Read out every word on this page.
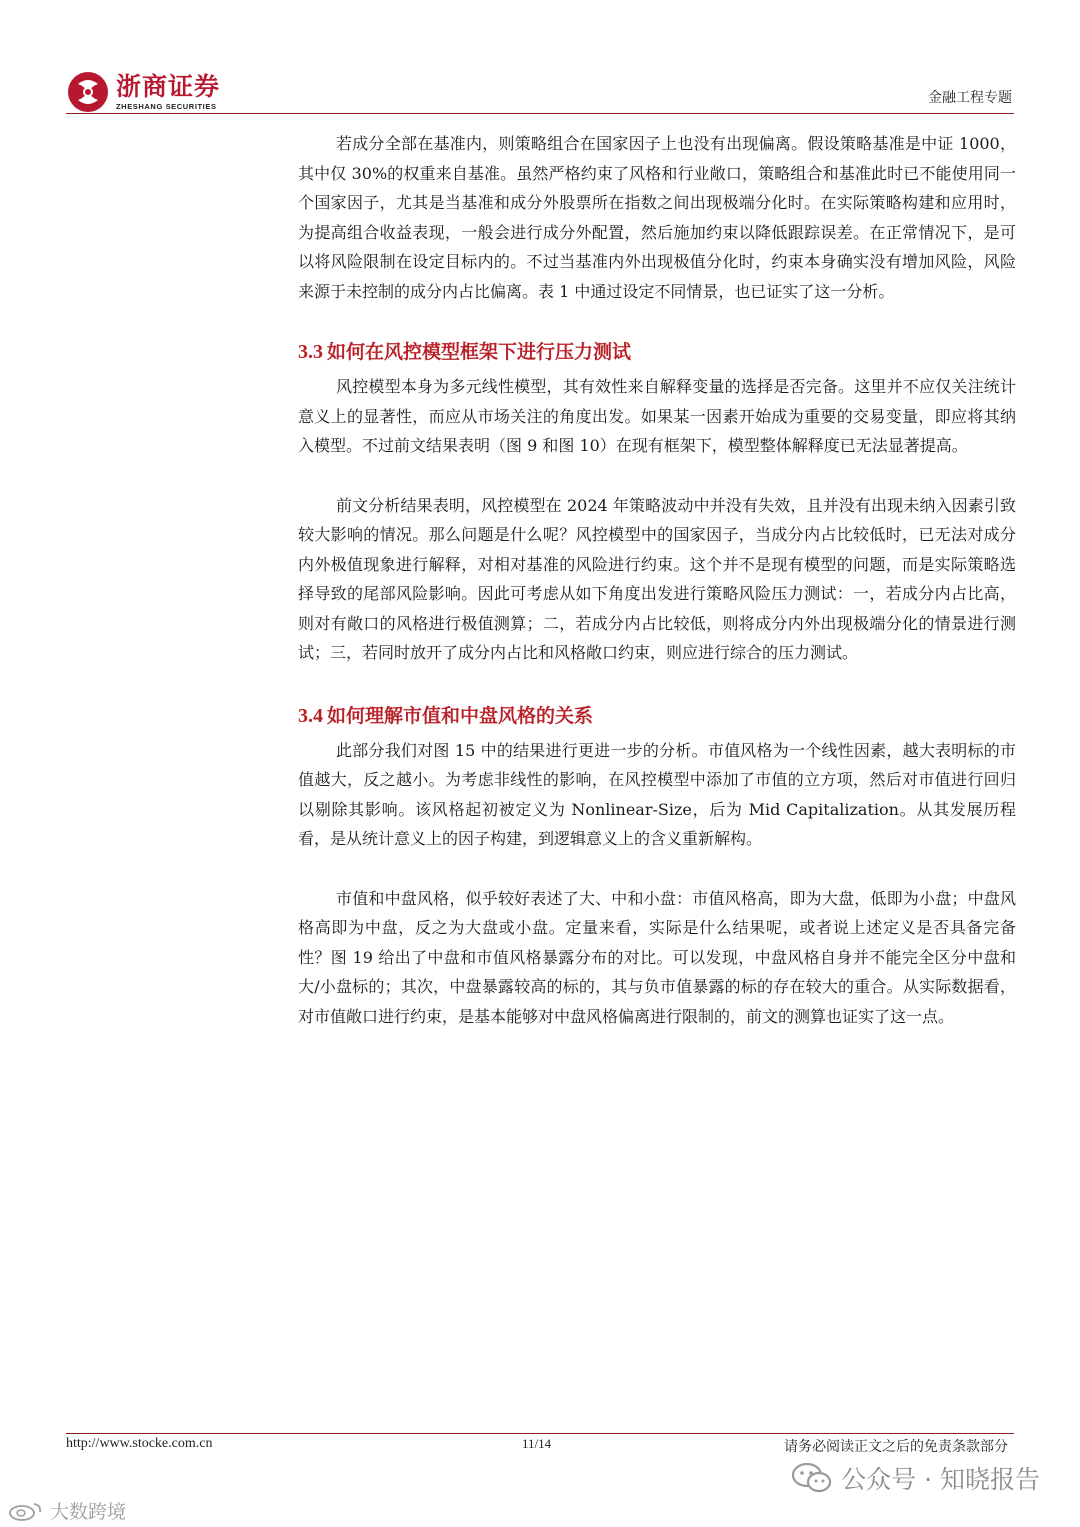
浙商证券
ZHESHANG SECURITIES
金融工程专题

若成分全部在基准内，则策略组合在国家因子上也没有出现偏离。假设策略基准是中证 1000，其中仅 30%的权重来自基准。虽然严格约束了风格和行业敞口，策略组合和基准此时已不能使用同一个国家因子，尤其是当基准和成分外股票所在指数之间出现极端分化时。在实际策略构建和应用时，为提高组合收益表现，一般会进行成分外配置，然后施加约束以降低跟踪误差。在正常情况下，是可以将风险限制在设定目标内的。不过当基准内外出现极值分化时，约束本身确实没有增加风险，风险来源于未控制的成分内占比偏离。表 1 中通过设定不同情景，也已证实了这一分析。

3.3 如何在风控模型框架下进行压力测试

风控模型本身为多元线性模型，其有效性来自解释变量的选择是否完备。这里并不应仅关注统计意义上的显著性，而应从市场关注的角度出发。如果某一因素开始成为重要的交易变量，即应将其纳入模型。不过前文结果表明（图 9 和图 10）在现有框架下，模型整体解释度已无法显著提高。

前文分析结果表明，风控模型在 2024 年策略波动中并没有失效，且并没有出现未纳入因素引致较大影响的情况。那么问题是什么呢？风控模型中的国家因子，当成分内占比较低时，已无法对成分内外极值现象进行解释，对相对基准的风险进行约束。这个并不是现有模型的问题，而是实际策略选择导致的尾部风险影响。因此可考虑从如下角度出发进行策略风险压力测试：一，若成分内占比高，则对有敞口的风格进行极值测算；二，若成分内占比较低，则将成分内外出现极端分化的情景进行测试；三，若同时放开了成分内占比和风格敞口约束，则应进行综合的压力测试。

3.4 如何理解市值和中盘风格的关系

此部分我们对图 15 中的结果进行更进一步的分析。市值风格为一个线性因素，越大表明标的市值越大，反之越小。为考虑非线性的影响，在风控模型中添加了市值的立方项，然后对市值进行回归以剔除其影响。该风格起初被定义为 Nonlinear-Size，后为 Mid Capitalization。从其发展历程看，是从统计意义上的因子构建，到逻辑意义上的含义重新解构。

市值和中盘风格，似乎较好表述了大、中和小盘：市值风格高，即为大盘，低即为小盘；中盘风格高即为中盘，反之为大盘或小盘。定量来看，实际是什么结果呢，或者说上述定义是否具备完备性？图 19 给出了中盘和市值风格暴露分布的对比。可以发现，中盘风格自身并不能完全区分中盘和大/小盘标的；其次，中盘暴露较高的标的，其与负市值暴露的标的存在较大的重合。从实际数据看，对市值敞口进行约束，是基本能够对中盘风格偏离进行限制的，前文的测算也证实了这一点。

http://www.stocke.com.cn	11/14	请务必阅读正文之后的免责条款部分
公众号 · 知晓报告
大数跨境
